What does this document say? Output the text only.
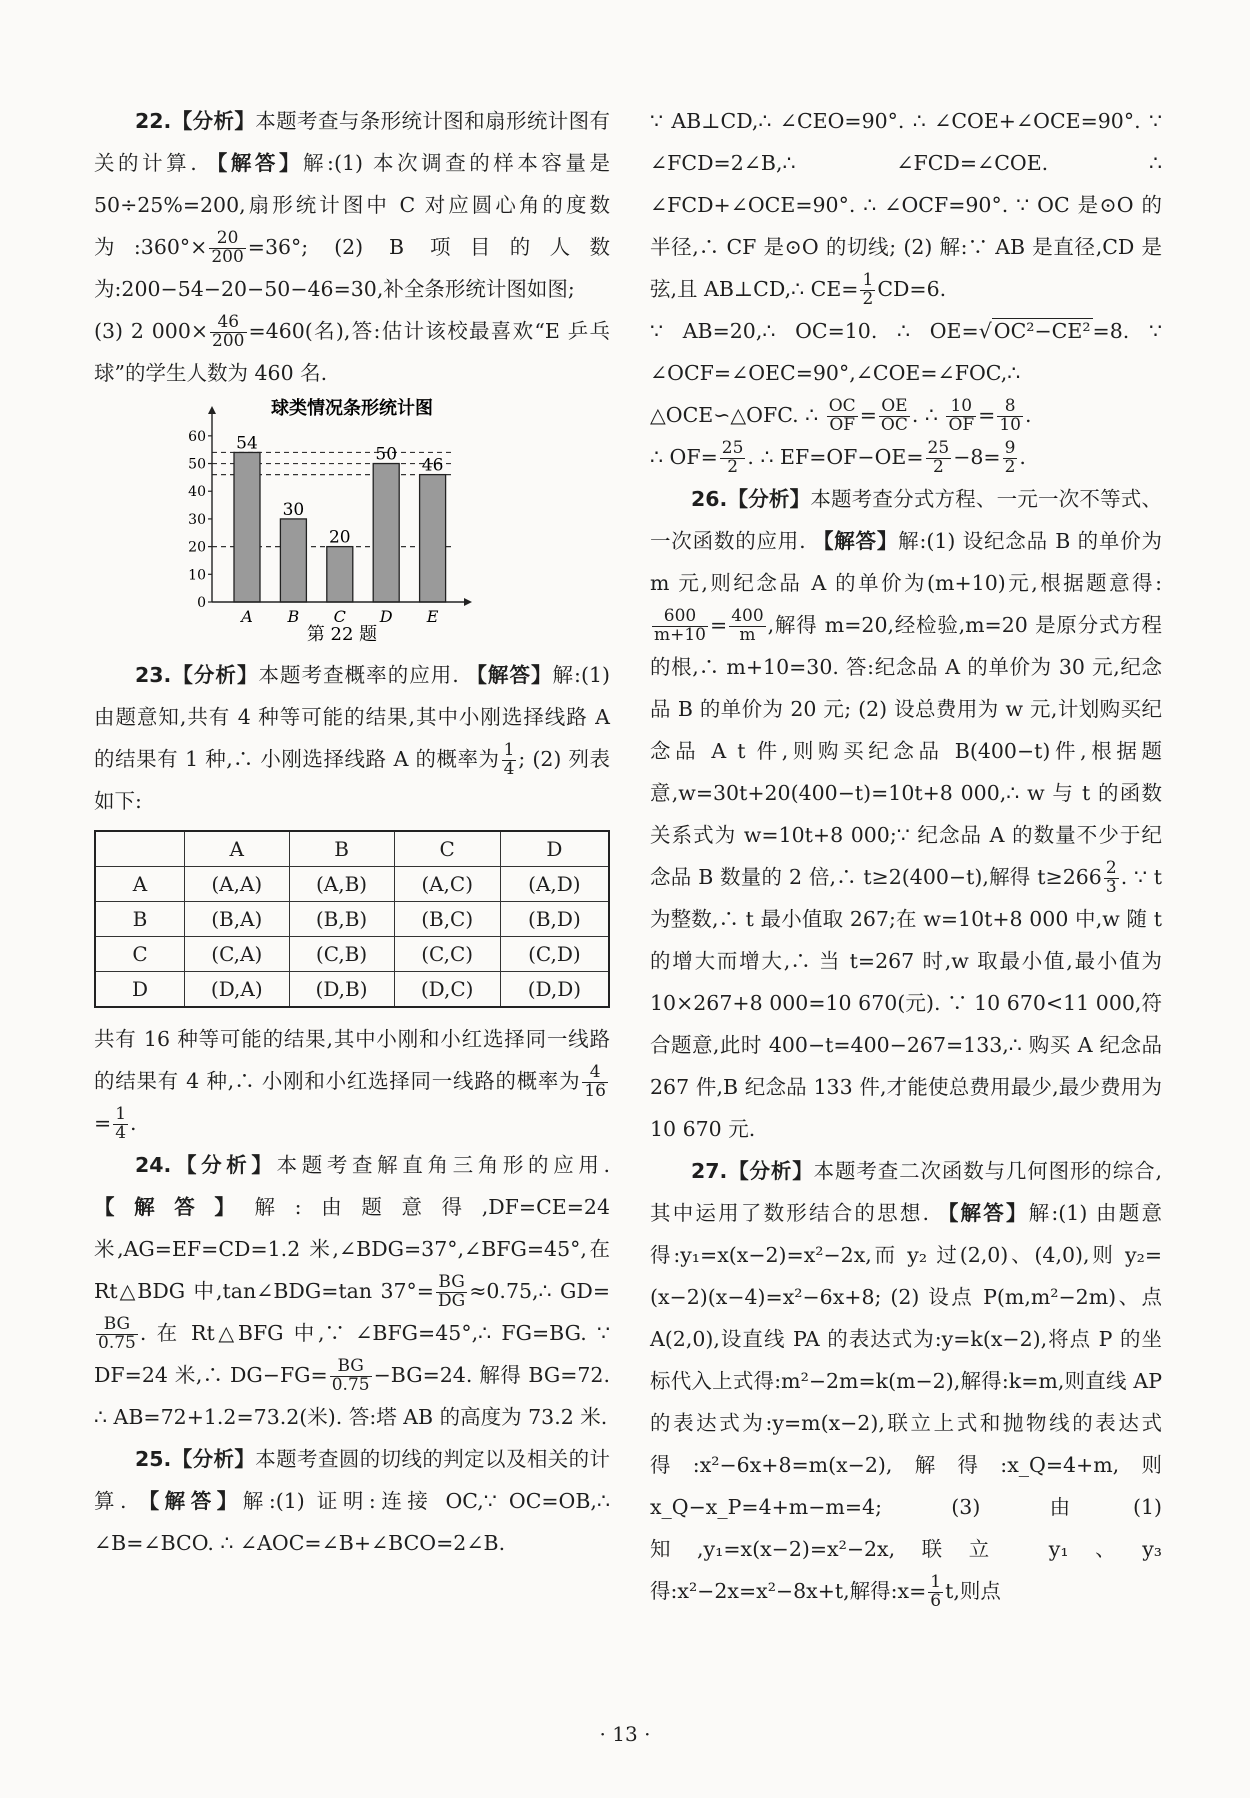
22.【分析】本题考查与条形统计图和扇形统计图有关的计算. 【解答】解:(1) 本次调查的样本容量是50÷25%=200,扇形统计图中 C 对应圆心角的度数为:360°× $\frac{20}{200} =36^\circ$; (2) B 项目的人数为:200−54−20−50−46=30,补全条形统计图如图;

(3) 2 $000\times \frac{46}{200} =460$(名),答:估计该校最喜欢“E 乒乓球”的学生人数为 460 名.

球类情况条形统计图
0
10
20
30
40
50
60 54
A
30
B
20
C
50
D
46
E
第 22 题

23.【分析】本题考查概率的应用. 【解答】解:(1) 由题意知,共有 4 种等可能的结果,其中小刚选择线路 A 的结果有 1 种,∴ 小刚选择线路 A 的概率为 $\frac{1}{4}$ ; (2) 列表如下:

	A	B	C	D
A	(A,A)	(A,B)	(A,C)	(A,D)
B	(B,A)	(B,B)	(B,C)	(B,D)
C	(C,A)	(C,B)	(C,C)	(C,D)
D	(D,A)	(D,B)	(D,C)	(D,D)

共有 16 种等可能的结果,其中小刚和小红选择同一线路的结果有 4 种,∴ 小刚和小红选择同一线路的概率为 $\frac{4}{16}$
= $\frac{1}{4}$ .

24.【分析】本题考查解直角三角形的应用. 【解答】解:由题意得,DF=CE=24 米,AG=EF=CD=1.2 米,∠BDG=37°,∠BFG=45°,在 Rt△BDG 中,tan∠BDG=tan $37^\circ= \frac{BG}{DG}$ ≈0.75,∴ GD=
$\frac{BG}{0.75}$ . 在 Rt△BFG 中,∵ ∠BFG=45°,∴ FG=BG. ∵ DF=24 米,∴ $DG-FG= \frac{BG}{0.75} -BG=24$. 解得 BG=72. ∴ AB=72+1.2=73.2(米). 答:塔 AB 的高度为 73.2 米.

25.【分析】本题考查圆的切线的判定以及相关的计算. 【解答】解:(1) 证明:连接 OC,∵ OC=OB,∴ ∠B=∠BCO. ∴ ∠AOC=∠B+∠BCO=2∠B.

∵ AB⊥CD,∴ ∠CEO=90°. ∴ ∠COE+∠OCE=90°. ∵ ∠FCD=2∠B,∴ ∠FCD=∠COE. ∴ ∠FCD+∠OCE=90°. ∴ ∠OCF=90°. ∵ OC 是⊙O 的半径,∴ CF 是⊙O 的切线; (2) 解:∵ AB 是直径,CD 是弦,且 AB⊥CD,∴ $CE= \frac{1}{2} CD=6$.

∵ AB=20,∴ OC=10. ∴ OE=√OC²−CE²=8. ∵ ∠OCF=∠OEC=90°,∠COE=∠FOC,∴ △OCE∽△OFC. ∴ $\frac{OC}{OF} = \frac{OE}{OC}$ . ∴ $\frac{10}{OF} = \frac{8}{10}$ .

∴ $OF= \frac{25}{2}$ . ∴ $EF=OF-OE= \frac{25}{2} -8= \frac{9}{2}$ .

26.【分析】本题考查分式方程、一元一次不等式、一次函数的应用. 【解答】解:(1) 设纪念品 B 的单价为 m 元,则纪念品 A 的单价为(m+10)元,根据题意得:
$\frac{600}{m+10} = \frac{400}{m}$ ,解得 m=20,经检验,m=20 是原分式方程的根,∴ m+10=30. 答:纪念品 A 的单价为 30 元,纪念品 B 的单价为 20 元; (2) 设总费用为 w 元,计划购买纪念品 A t 件,则购买纪念品 B(400−t)件,根据题意,w=30t+20(400−t)=10t+8 000,∴ w 与 t 的函数关系式为 w=10t+8 000;∵ 纪念品 A 的数量不少于纪念品 B 数量的 2 倍,∴ t≥2(400−t),解得 $t\ge 266 \frac{2}{3}$ . ∵ t 为整数,∴ t 最小值取 267;在 w=10t+8 000 中,w 随 t 的增大而增大,∴ 当 t=267 时,w 取最小值,最小值为 10×267+8 000=10 670(元). ∵ 10 670<11 000,符合题意,此时 400−t=400−267=133,∴ 购买 A 纪念品 267 件,B 纪念品 133 件,才能使总费用最少,最少费用为 10 670 元.

27.【分析】本题考查二次函数与几何图形的综合,其中运用了数形结合的思想. 【解答】解:(1) 由题意得:y₁=x(x−2)=x²−2x,而 y₂ 过(2,0)、(4,0),则 y₂=(x−2)(x−4)=x²−6x+8; (2) 设点 P(m,m²−2m)、点 A(2,0),设直线 PA 的表达式为:y=k(x−2),将点 P 的坐标代入上式得:m²−2m=k(m−2),解得:k=m,则直线 AP 的表达式为:y=m(x−2),联立上式和抛物线的表达式得:x²−6x+8=m(x−2),解得:x_Q=4+m,则 x_Q−x_P=4+m−m=4; (3) 由(1)知,y₁=x(x−2)=x²−2x,联立 y₁、y₃ 得:x²−2x=x²−8x+t,解得:x= $\frac{1}{6} t$,则点

· 13 ·
